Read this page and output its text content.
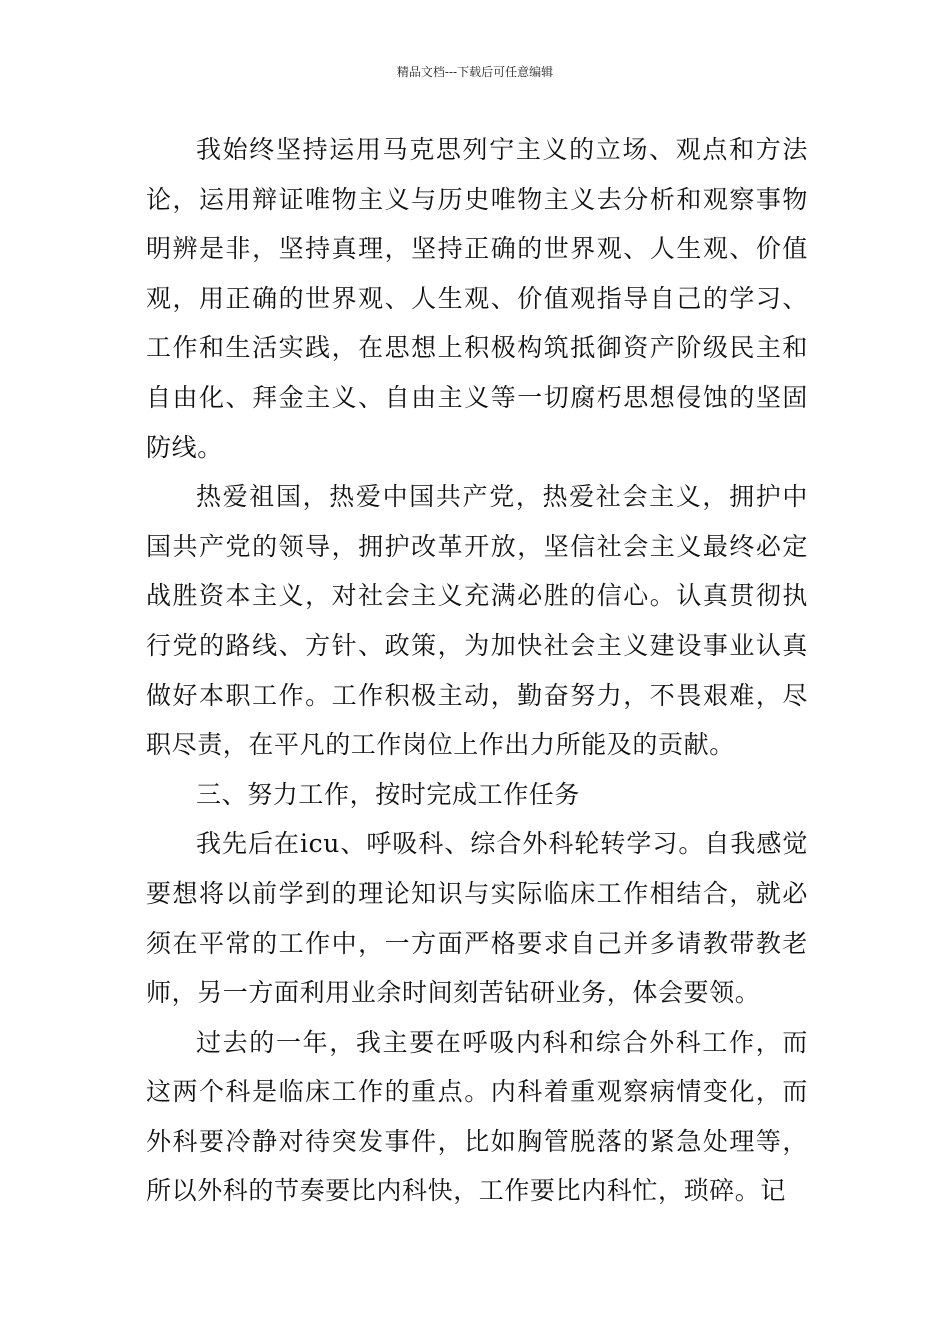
精品文档---下载后可任意编辑

我始终坚持运用马克思列宁主义的立场、观点和方法论，运用辩证唯物主义与历史唯物主义去分析和观察事物明辨是非，坚持真理，坚持正确的世界观、人生观、价值观，用正确的世界观、人生观、价值观指导自己的学习、工作和生活实践，在思想上积极构筑抵御资产阶级民主和自由化、拜金主义、自由主义等一切腐朽思想侵蚀的坚固防线。

热爱祖国，热爱中国共产党，热爱社会主义，拥护中国共产党的领导，拥护改革开放，坚信社会主义最终必定战胜资本主义，对社会主义充满必胜的信心。认真贯彻执行党的路线、方针、政策，为加快社会主义建设事业认真做好本职工作。工作积极主动，勤奋努力，不畏艰难，尽职尽责，在平凡的工作岗位上作出力所能及的贡献。

三、努力工作，按时完成工作任务

我先后在icu、呼吸科、综合外科轮转学习。自我感觉要想将以前学到的理论知识与实际临床工作相结合，就必须在平常的工作中，一方面严格要求自己并多请教带教老师，另一方面利用业余时间刻苦钻研业务，体会要领。

过去的一年，我主要在呼吸内科和综合外科工作，而这两个科是临床工作的重点。内科着重观察病情变化，而外科要冷静对待突发事件，比如胸管脱落的紧急处理等，所以外科的节奏要比内科快，工作要比内科忙，琐碎。记
